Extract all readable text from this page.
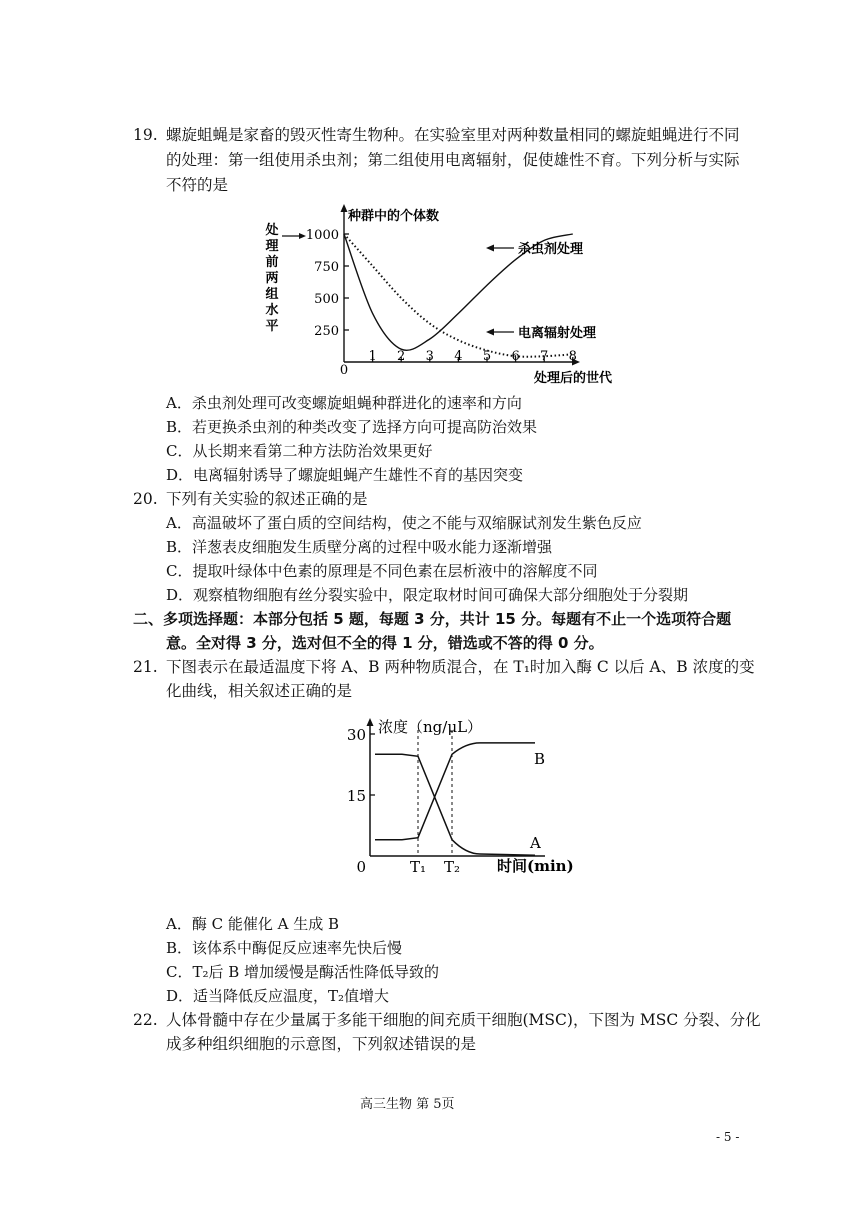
19. 螺旋蛆蝇是家畜的毁灭性寄生物种。在实验室里对两种数量相同的螺旋蛆蝇进行不同
的处理：第一组使用杀虫剂；第二组使用电离辐射，促使雄性不育。下列分析与实际
不符的是
处
理
前
两
组
水
平
种群中的个体数
处理后的世代
250
500
750
1000
0
1 2 3 4 5 6 7 8
杀虫剂处理
电离辐射处理
A．杀虫剂处理可改变螺旋蛆蝇种群进化的速率和方向
B．若更换杀虫剂的种类改变了选择方向可提高防治效果
C．从长期来看第二种方法防治效果更好
D．电离辐射诱导了螺旋蛆蝇产生雄性不育的基因突变
20. 下列有关实验的叙述正确的是
A．高温破坏了蛋白质的空间结构，使之不能与双缩脲试剂发生紫色反应
B．洋葱表皮细胞发生质壁分离的过程中吸水能力逐渐增强
C．提取叶绿体中色素的原理是不同色素在层析液中的溶解度不同
D．观察植物细胞有丝分裂实验中，限定取材时间可确保大部分细胞处于分裂期
二、多项选择题：本部分包括 5 题，每题 3 分，共计 15 分。每题有不止一个选项符合题
意。全对得 3 分，选对但不全的得 1 分，错选或不答的得 0 分。
21. 下图表示在最适温度下将 A、B 两种物质混合，在 T₁时加入酶 C 以后 A、B 浓度的变
化曲线，相关叙述正确的是
30
15
0
浓度（ng/μL）
时间(min)
T₁ T₂
B
A
A．酶 C 能催化 A 生成 B
B．该体系中酶促反应速率先快后慢
C．T₂后 B 增加缓慢是酶活性降低导致的
D．适当降低反应温度，T₂值增大
22. 人体骨髓中存在少量属于多能干细胞的间充质干细胞(MSC)，下图为 MSC 分裂、分化
成多种组织细胞的示意图，下列叙述错误的是
高三生物 第 5页
- 5 -
